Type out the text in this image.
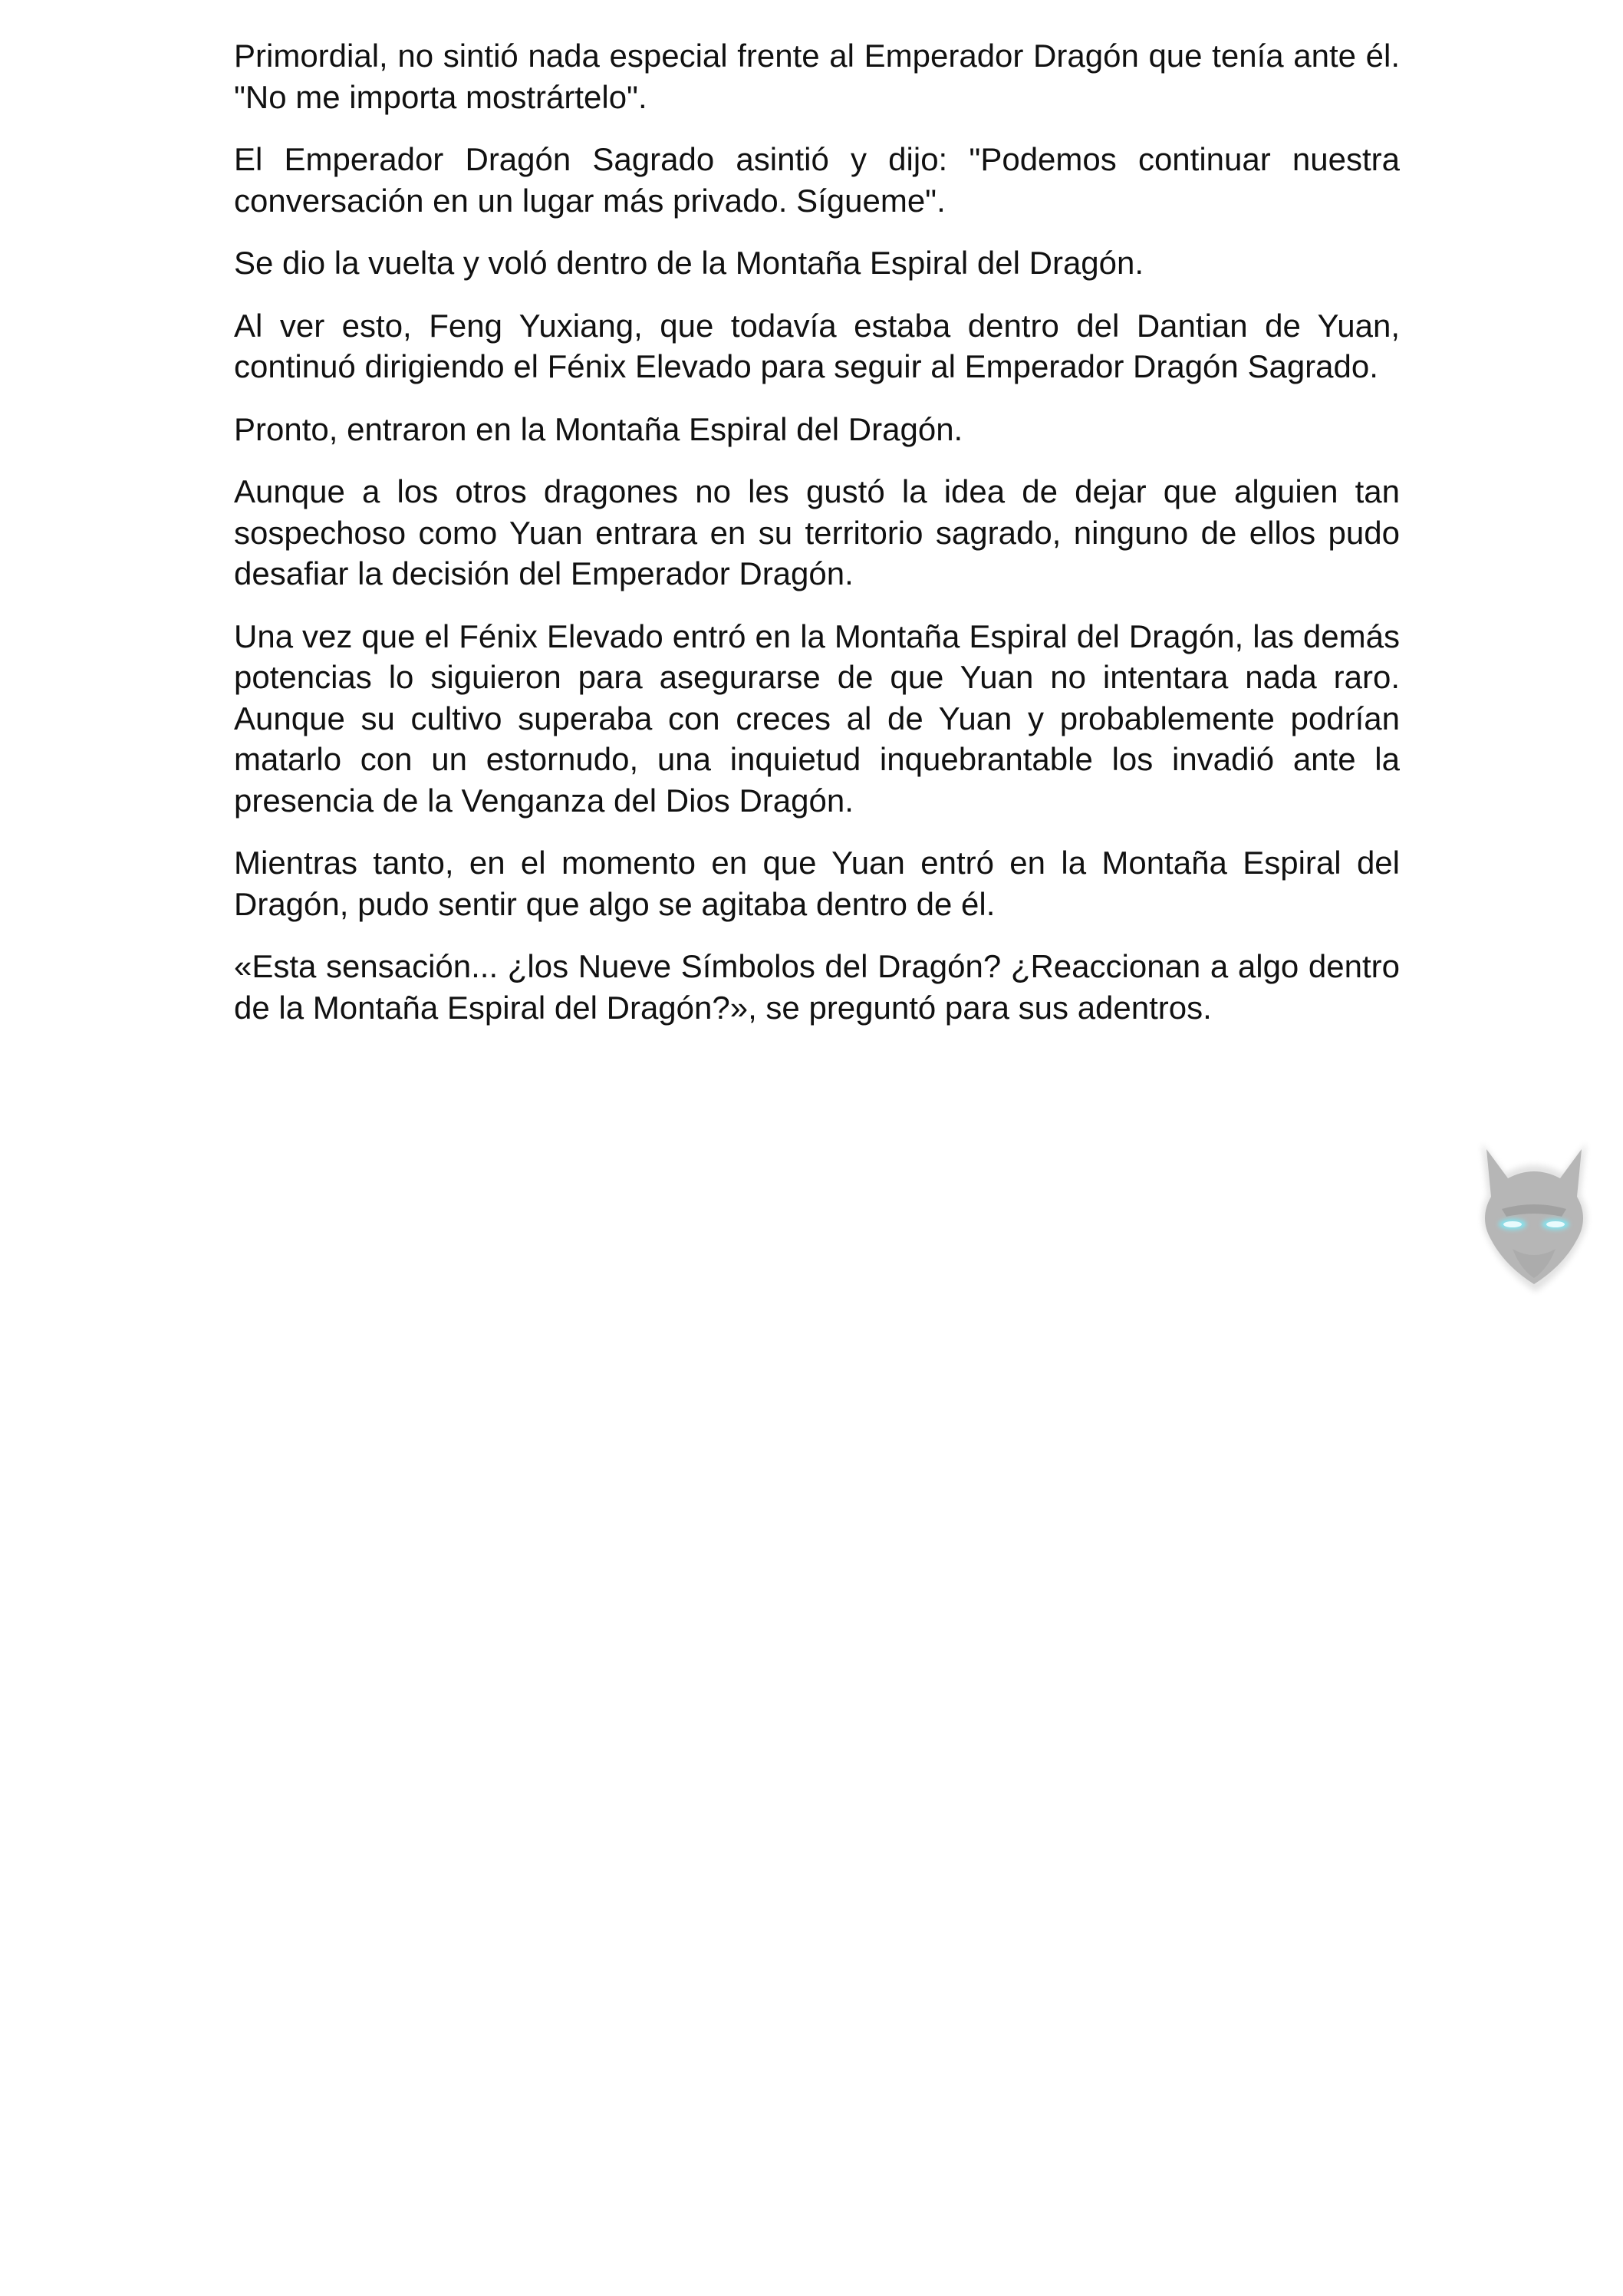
Primordial, no sintió nada especial frente al Emperador Dragón que tenía ante él. "No me importa mostrártelo".

El Emperador Dragón Sagrado asintió y dijo: "Podemos continuar nuestra conversación en un lugar más privado. Sígueme".

Se dio la vuelta y voló dentro de la Montaña Espiral del Dragón.

Al ver esto, Feng Yuxiang, que todavía estaba dentro del Dantian de Yuan, continuó dirigiendo el Fénix Elevado para seguir al Emperador Dragón Sagrado.

Pronto, entraron en la Montaña Espiral del Dragón.

Aunque a los otros dragones no les gustó la idea de dejar que alguien tan sospechoso como Yuan entrara en su territorio sagrado, ninguno de ellos pudo desafiar la decisión del Emperador Dragón.

Una vez que el Fénix Elevado entró en la Montaña Espiral del Dragón, las demás potencias lo siguieron para asegurarse de que Yuan no intentara nada raro. Aunque su cultivo superaba con creces al de Yuan y probablemente podrían matarlo con un estornudo, una inquietud inquebrantable los invadió ante la presencia de la Venganza del Dios Dragón.

Mientras tanto, en el momento en que Yuan entró en la Montaña Espiral del Dragón, pudo sentir que algo se agitaba dentro de él.

«Esta sensación... ¿los Nueve Símbolos del Dragón? ¿Reaccionan a algo dentro de la Montaña Espiral del Dragón?», se preguntó para sus adentros.
